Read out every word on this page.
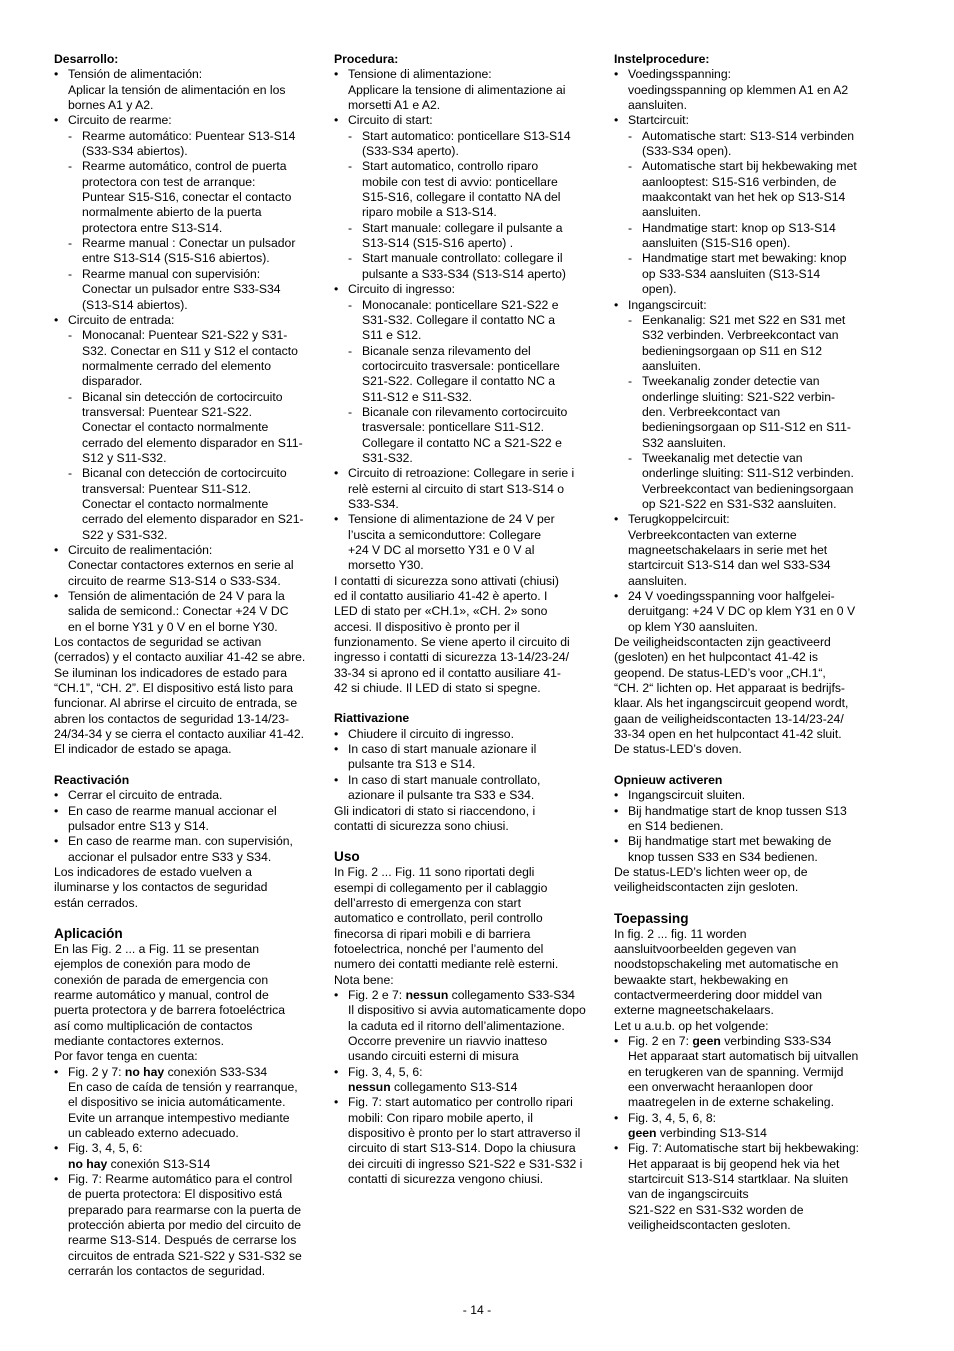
Desarrollo:
• Tensión de alimentación:
Aplicar la tensión de alimentación en los
bornes A1 y A2.
• Circuito de rearme:
- Rearme automático: Puentear S13-S14
(S33-S34 abiertos).
- Rearme automático, control de puerta
protectora con test de arranque:
Puntear S15-S16, conectar el contacto
normalmente abierto de la puerta
protectora entre S13-S14.
- Rearme manual : Conectar un pulsador
entre S13-S14 (S15-S16 abiertos).
- Rearme manual con supervisión:
Conectar un pulsador entre S33-S34
(S13-S14 abiertos).
• Circuito de entrada:
- Monocanal: Puentear S21-S22 y S31-
S32. Conectar en S11 y S12 el contacto
normalmente cerrado del elemento
disparador.
- Bicanal sin detección de cortocircuito
transversal: Puentear S21-S22.
Conectar el contacto normalmente
cerrado del elemento disparador en S11-
S12 y S11-S32.
- Bicanal con detección de cortocircuito
transversal: Puentear S11-S12.
Conectar el contacto normalmente
cerrado del elemento disparador en S21-
S22 y S31-S32.
• Circuito de realimentación:
Conectar contactores externos en serie al
circuito de rearme S13-S14 o S33-S34.
• Tensión de alimentación de 24 V para la
salida de semicond.: Conectar +24 V DC
en el borne Y31 y 0 V en el borne Y30.
Los contactos de seguridad se activan
(cerrados) y el contacto auxiliar 41-42 se abre.
Se iluminan los indicadores de estado para
“CH.1”, “CH. 2”. El dispositivo está listo para
funcionar. Al abrirse el circuito de entrada, se
abren los contactos de seguridad 13-14/23-
24/34-34 y se cierra el contacto auxiliar 41-42.
El indicador de estado se apaga.
Reactivación
• Cerrar el circuito de entrada.
• En caso de rearme manual accionar el
pulsador entre S13 y S14.
• En caso de rearme man. con supervisión,
accionar el pulsador entre S33 y S34.
Los indicadores de estado vuelven a
iluminarse y los contactos de seguridad
están cerrados.
Aplicación
En las Fig. 2 ... a Fig. 11 se presentan
ejemplos de conexión para modo de
conexión de parada de emergencia con
rearme automático y manual, control de
puerta protectora y de barrera fotoeléctrica
así como multiplicación de contactos
mediante contactores externos.
Por favor tenga en cuenta:
• Fig. 2 y 7: no hay conexión S33-S34
En caso de caída de tensión y rearranque,
el dispositivo se inicia automáticamente.
Evite un arranque intempestivo mediante
un cableado externo adecuado.
• Fig. 3, 4, 5, 6:
no hay conexión S13-S14
• Fig. 7: Rearme automático para el control
de puerta protectora: El dispositivo está
preparado para rearmarse con la puerta de
protección abierta por medio del circuito de
rearme S13-S14. Después de cerrarse los
circuitos de entrada S21-S22 y S31-S32 se
cerrarán los contactos de seguridad.
Procedura:
• Tensione di alimentazione:
Applicare la tensione di alimentazione ai
morsetti A1 e A2.
• Circuito di start:
- Start automatico: ponticellare S13-S14
(S33-S34 aperto).
- Start automatico, controllo riparo
mobile con test di avvio: ponticellare
S15-S16, collegare il contatto NA del
riparo mobile a S13-S14.
- Start manuale: collegare il pulsante a
S13-S14 (S15-S16 aperto) .
- Start manuale controllato: collegare il
pulsante a S33-S34 (S13-S14 aperto)
• Circuito di ingresso:
- Monocanale: ponticellare S21-S22 e
S31-S32. Collegare il contatto NC a
S11 e S12.
- Bicanale senza rilevamento del
cortocircuito trasversale: ponticellare
S21-S22. Collegare il contatto NC a
S11-S12 e S11-S32.
- Bicanale con rilevamento cortocircuito
trasversale: ponticellare S11-S12.
Collegare il contatto NC a S21-S22 e
S31-S32.
• Circuito di retroazione: Collegare in serie i
relè esterni al circuito di start S13-S14 o
S33-S34.
• Tensione di alimentazione de 24 V per
l’uscita a semiconduttore: Collegare
+24 V DC al morsetto Y31 e 0 V al
morsetto Y30.
I contatti di sicurezza sono attivati (chiusi)
ed il contatto ausiliario 41-42 è aperto. I
LED di stato per «CH.1», «CH. 2» sono
accesi. Il dispositivo è pronto per il
funzionamento. Se viene aperto il circuito di
ingresso i contatti di sicurezza 13-14/23-24/
33-34 si aprono ed il contatto ausiliare 41-
42 si chiude. Il LED di stato si spegne.
Riattivazione
• Chiudere il circuito di ingresso.
• In caso di start manuale azionare il
pulsante tra S13 e S14.
• In caso di start manuale controllato,
azionare il pulsante tra S33 e S34.
Gli indicatori di stato si riaccendono, i
contatti di sicurezza sono chiusi.
Uso
In Fig. 2 ... Fig. 11 sono riportati degli
esempi di collegamento per il cablaggio
dell’arresto di emergenza con start
automatico e controllato, peril controllo
finecorsa di ripari mobili e di barriera
fotoelectrica, nonché per l’aumento del
numero dei contatti mediante relè esterni.
Nota bene:
• Fig. 2 e 7: nessun collegamento S33-S34
Il dispositivo si avvia automaticamente dopo
la caduta ed il ritorno dell’alimentazione.
Occorre prevenire un riavvio inatteso
usando circuiti esterni di misura
• Fig. 3, 4, 5, 6:
nessun collegamento S13-S14
• Fig. 7: start automatico per controllo ripari
mobili: Con riparo mobile aperto, il
dispositivo è pronto per lo start attraverso il
circuito di start S13-S14. Dopo la chiusura
dei circuiti di ingresso S21-S22 e S31-S32 i
contatti di sicurezza vengono chiusi.
Instelprocedure:
• Voedingsspanning:
voedingsspanning op klemmen A1 en A2
aansluiten.
• Startcircuit:
- Automatische start: S13-S14 verbinden
(S33-S34 open).
- Automatische start bij hekbewaking met
aanlooptest: S15-S16 verbinden, de
maakcontakt van het hek op S13-S14
aansluiten.
- Handmatige start: knop op S13-S14
aansluiten (S15-S16 open).
- Handmatige start met bewaking: knop
op S33-S34 aansluiten (S13-S14
open).
• Ingangscircuit:
- Eenkanalig: S21 met S22 en S31 met
S32 verbinden. Verbreekcontact van
bedieningsorgaan op S11 en S12
aansluiten.
- Tweekanalig zonder detectie van
onderlinge sluiting: S21-S22 verbin-
den. Verbreekcontact van
bedieningsorgaan op S11-S12 en S11-
S32 aansluiten.
- Tweekanalig met detectie van
onderlinge sluiting: S11-S12 verbinden.
Verbreekcontact van bedieningsorgaan
op S21-S22 en S31-S32 aansluiten.
• Terugkoppelcircuit:
Verbreekcontacten van externe
magneetschakelaars in serie met het
startcircuit S13-S14 dan wel S33-S34
aansluiten.
• 24 V voedingsspanning voor halfgelei-
deruitgang: +24 V DC op klem Y31 en 0 V
op klem Y30 aansluiten.
De veiligheidscontacten zijn geactiveerd
(gesloten) en het hulpcontact 41-42 is
geopend. De status-LED’s voor „CH.1“,
“CH. 2“ lichten op. Het apparaat is bedrijfs-
klaar. Als het ingangscircuit geopend wordt,
gaan de veiligheidscontacten 13-14/23-24/
33-34 open en het hulpcontact 41-42 sluit.
De status-LED’s doven.
Opnieuw activeren
• Ingangscircuit sluiten.
• Bij handmatige start de knop tussen S13
en S14 bedienen.
• Bij handmatige start met bewaking de
knop tussen S33 en S34 bedienen.
De status-LED’s lichten weer op, de
veiligheidscontacten zijn gesloten.
Toepassing
In fig. 2 ... fig. 11 worden
aansluitvoorbeelden gegeven van
noodstopschakeling met automatische en
bewaakte start, hekbewaking en
contactvermeerdering door middel van
externe magneetschakelaars.
Let u a.u.b. op het volgende:
• Fig. 2 en 7: geen verbinding S33-S34
Het apparaat start automatisch bij uitvallen
en terugkeren van de spanning. Vermijd
een onverwacht heraanlopen door
maatregelen in de externe schakeling.
• Fig. 3, 4, 5, 6, 8:
geen verbinding S13-S14
• Fig. 7: Automatische start bij hekbewaking:
Het apparaat is bij geopend hek via het
startcircuit S13-S14 startklaar. Na sluiten
van de ingangscircuits
S21-S22 en S31-S32 worden de
veiligheidscontacten gesloten.
- 14 -
